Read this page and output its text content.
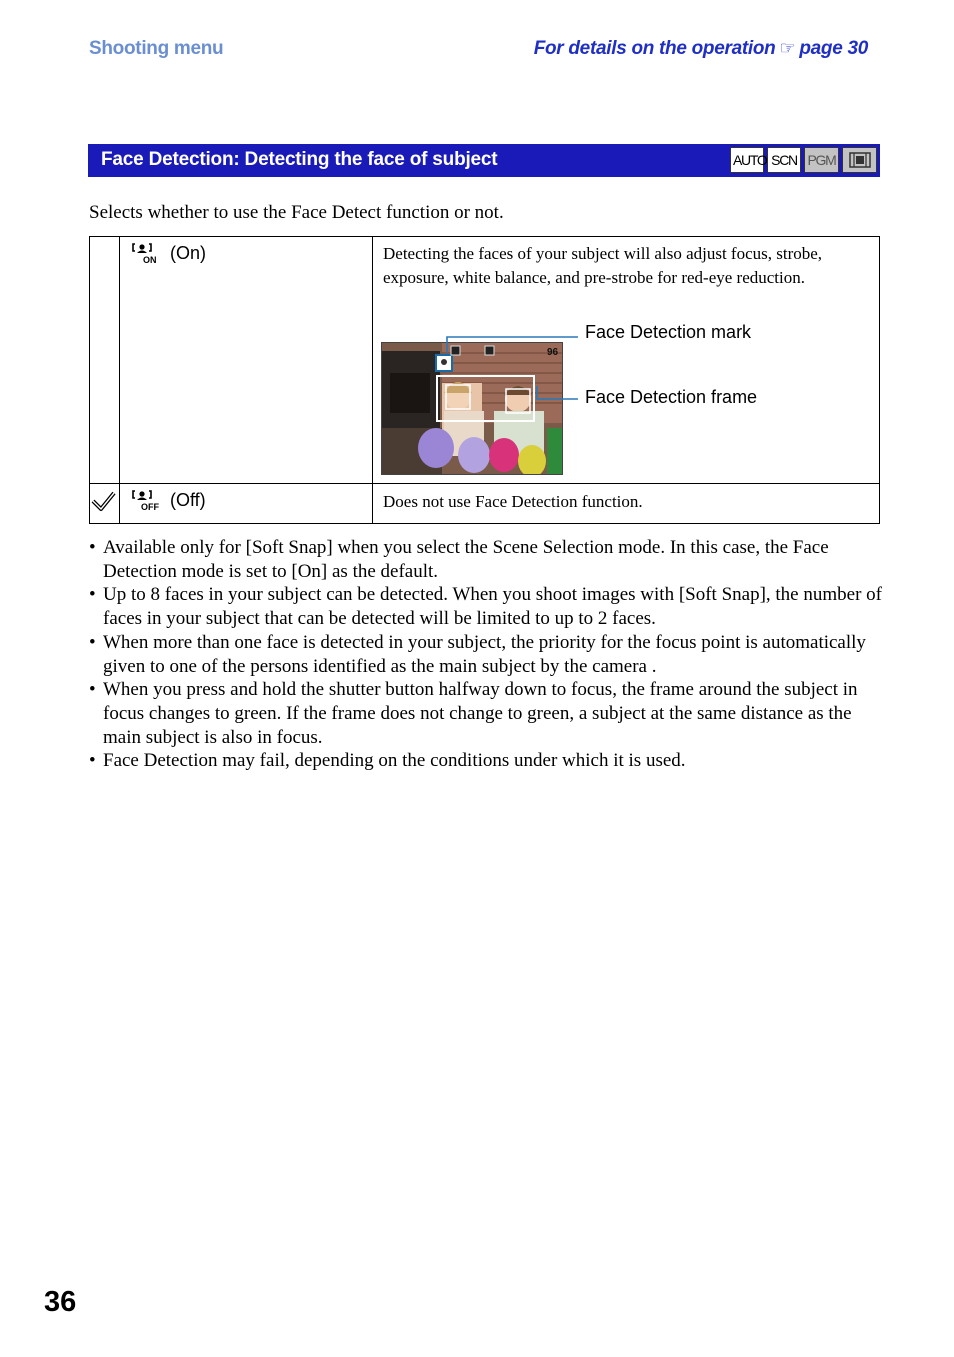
Shooting menu	For details on the operation ☞ page 30
Face Detection: Detecting the face of subject	AUTO SCN PGM
Selects whether to use the Face Detect function or not.

ON (On)	Detecting the faces of your subject will also adjust focus, strobe, exposure, white balance, and pre-strobe for red-eye reduction.

OFF (Off)	Does not use Face Detection function.
96
Face Detection mark
Face Detection frame
• Available only for [Soft Snap] when you select the Scene Selection mode. In this case, the Face Detection mode is set to [On] as the default.
• Up to 8 faces in your subject can be detected. When you shoot images with [Soft Snap], the number of faces in your subject that can be detected will be limited to up to 2 faces.
• When more than one face is detected in your subject, the priority for the focus point is automatically given to one of the persons identified as the main subject by the camera .
• When you press and hold the shutter button halfway down to focus, the frame around the subject in focus changes to green. If the frame does not change to green, a subject at the same distance as the main subject is also in focus.
• Face Detection may fail, depending on the conditions under which it is used.
36
